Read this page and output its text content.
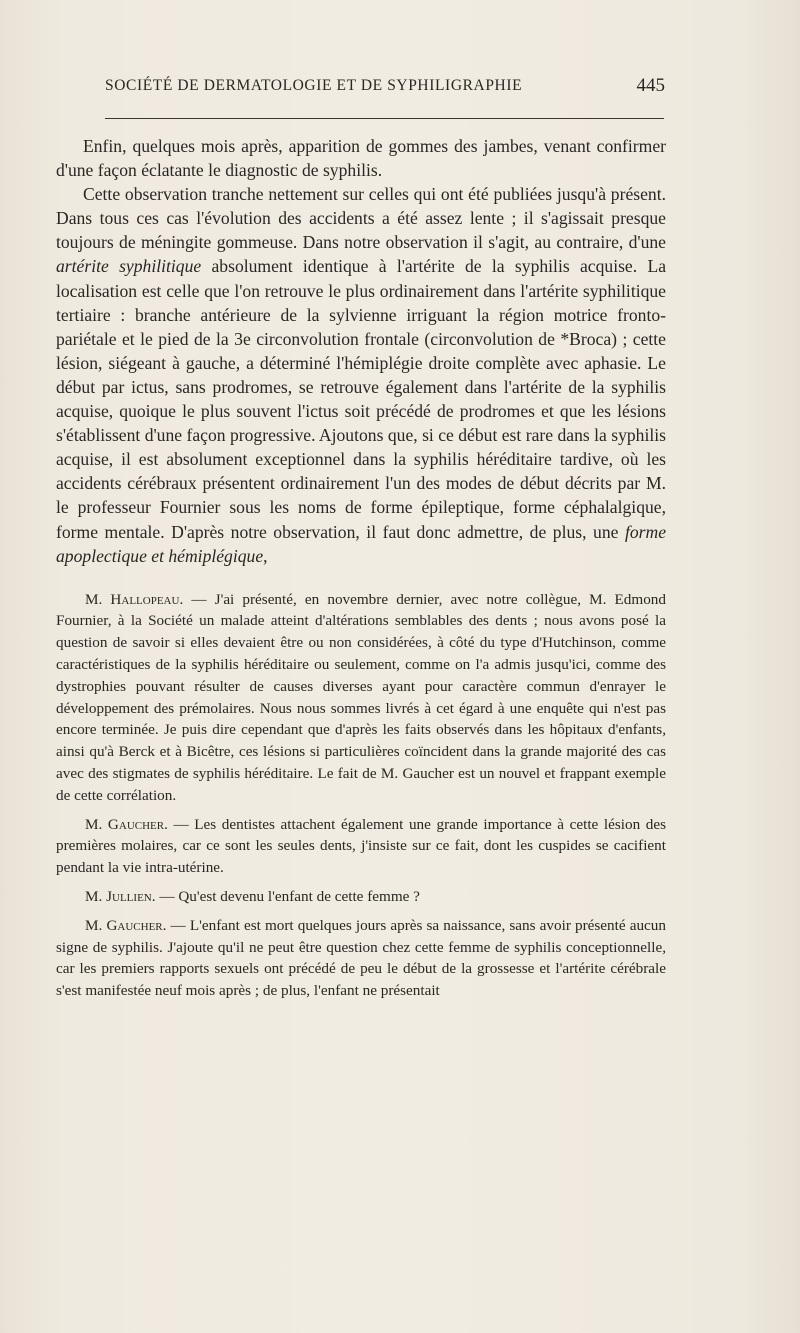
SOCIÉTÉ DE DERMATOLOGIE ET DE SYPHILIGRAPHIE	445

Enfin, quelques mois après, apparition de gommes des jambes, venant confirmer d'une façon éclatante le diagnostic de syphilis.

Cette observation tranche nettement sur celles qui ont été publiées jusqu'à présent. Dans tous ces cas l'évolution des accidents a été assez lente ; il s'agissait presque toujours de méningite gommeuse. Dans notre observation il s'agit, au contraire, d'une artérite syphilitique absolument identique à l'artérite de la syphilis acquise. La localisation est celle que l'on retrouve le plus ordinairement dans l'artérite syphilitique tertiaire : branche antérieure de la sylvienne irriguant la région motrice fronto-pariétale et le pied de la 3e circonvolution frontale (circonvolution de *Broca) ; cette lésion, siégeant à gauche, a déterminé l'hémiplégie droite complète avec aphasie. Le début par ictus, sans prodromes, se retrouve également dans l'artérite de la syphilis acquise, quoique le plus souvent l'ictus soit précédé de prodromes et que les lésions s'établissent d'une façon progressive. Ajoutons que, si ce début est rare dans la syphilis acquise, il est absolument exceptionnel dans la syphilis héréditaire tardive, où les accidents cérébraux présentent ordinairement l'un des modes de début décrits par M. le professeur Fournier sous les noms de forme épileptique, forme céphalalgique, forme mentale. D'après notre observation, il faut donc admettre, de plus, une forme apoplectique et hémiplégique,

M. Hallopeau. — J'ai présenté, en novembre dernier, avec notre collègue, M. Edmond Fournier, à la Société un malade atteint d'altérations semblables des dents ; nous avons posé la question de savoir si elles devaient être ou non considérées, à côté du type d'Hutchinson, comme caractéristiques de la syphilis héréditaire ou seulement, comme on l'a admis jusqu'ici, comme des dystrophies pouvant résulter de causes diverses ayant pour caractère commun d'enrayer le développement des prémolaires. Nous nous sommes livrés à cet égard à une enquête qui n'est pas encore terminée. Je puis dire cependant que d'après les faits observés dans les hôpitaux d'enfants, ainsi qu'à Berck et à Bicêtre, ces lésions si particulières coïncident dans la grande majorité des cas avec des stigmates de syphilis héréditaire. Le fait de M. Gaucher est un nouvel et frappant exemple de cette corrélation.

M. Gaucher. — Les dentistes attachent également une grande importance à cette lésion des premières molaires, car ce sont les seules dents, j'insiste sur ce fait, dont les cuspides se cacifient pendant la vie intra-utérine.

M. Jullien. — Qu'est devenu l'enfant de cette femme ?

M. Gaucher. — L'enfant est mort quelques jours après sa naissance, sans avoir présenté aucun signe de syphilis. J'ajoute qu'il ne peut être question chez cette femme de syphilis conceptionnelle, car les premiers rapports sexuels ont précédé de peu le début de la grossesse et l'artérite cérébrale s'est manifestée neuf mois après ; de plus, l'enfant ne présentait
